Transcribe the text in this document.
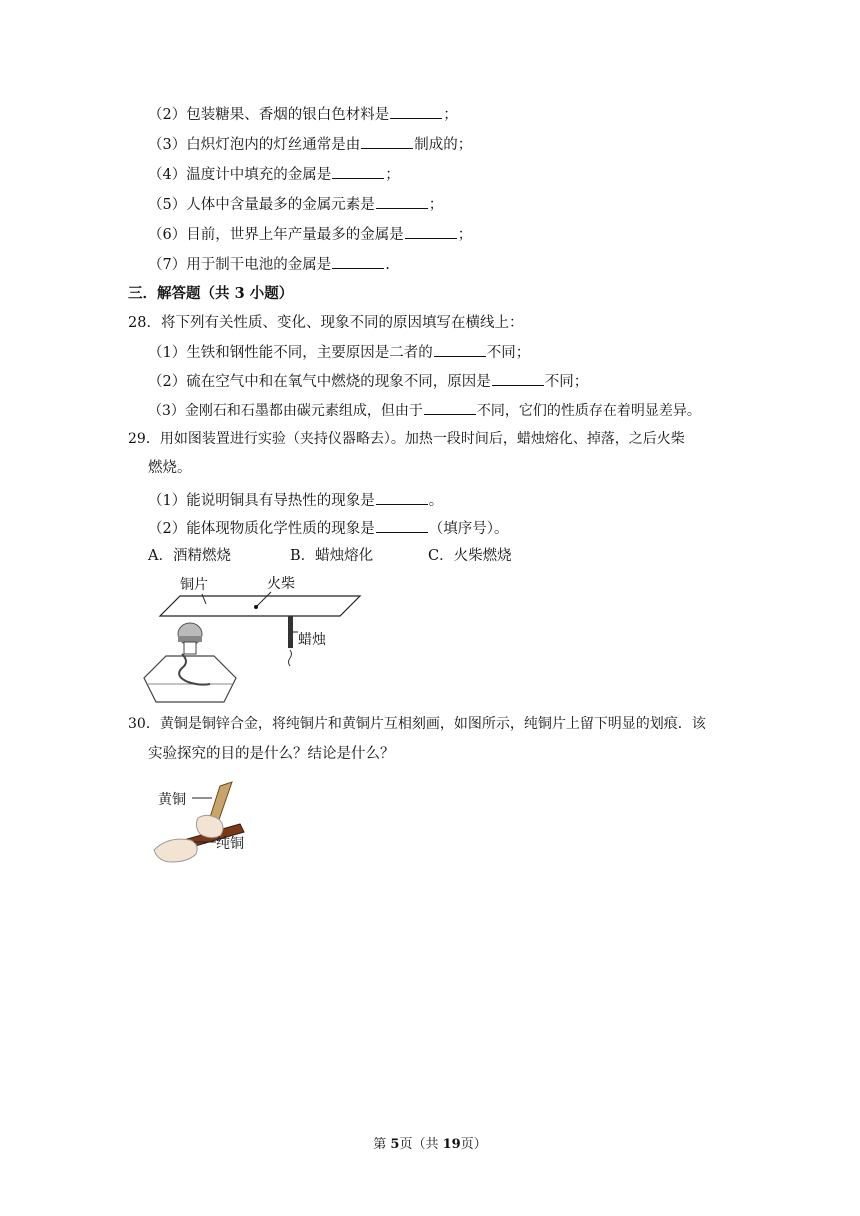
（2）包装糖果、香烟的银白色材料是	；
（3）白炽灯泡内的灯丝通常是由	制成的；
（4）温度计中填充的金属是	；
（5）人体中含量最多的金属元素是	；
（6）目前，世界上年产量最多的金属是	；
（7）用于制干电池的金属是	.
三．解答题（共 3 小题）
28．将下列有关性质、变化、现象不同的原因填写在横线上：
（1）生铁和钢性能不同，主要原因是二者的	不同；
（2）硫在空气中和在氧气中燃烧的现象不同，原因是	不同；
（3）金刚石和石墨都由碳元素组成，但由于	不同，它们的性质存在着明显差异。
29．用如图装置进行实验（夹持仪器略去）。加热一段时间后，蜡烛熔化、掉落，之后火柴
燃烧。
（1）能说明铜具有导热性的现象是	。
（2）能体现物质化学性质的现象是	（填序号）。
A．酒精燃烧	B．蜡烛熔化	C．火柴燃烧
铜片	火柴
蜡烛
30．黄铜是铜锌合金，将纯铜片和黄铜片互相刻画，如图所示，纯铜片上留下明显的划痕．该
实验探究的目的是什么？结论是什么？
黄铜
纯铜
第 5页（共 19页）
